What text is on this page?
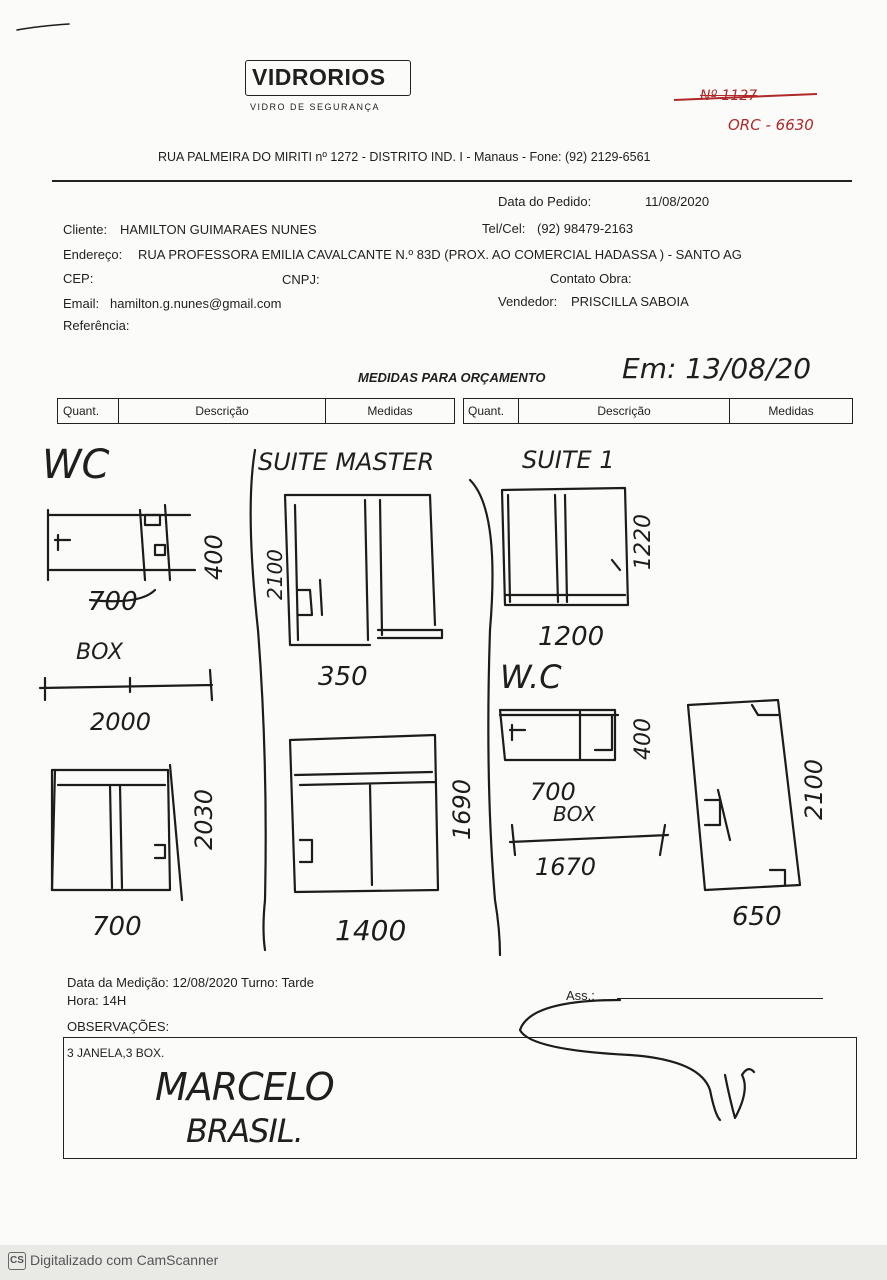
VIDRORIOS
VIDRO DE SEGURANÇA
RUA PALMEIRA DO MIRITI nº 1272 - DISTRITO IND. I - Manaus - Fone: (92) 2129-6561
Nº 1127
ORC - 6630
Data do Pedido:	11/08/2020
Cliente: HAMILTON GUIMARAES NUNES	Tel/Cel: (92) 98479-2163
Endereço: RUA PROFESSORA EMILIA CAVALCANTE N.º 83D (PROX. AO COMERCIAL HADASSA ) - SANTO AG
CEP:	CNPJ:	Contato Obra:
Email: hamilton.g.nunes@gmail.com	Vendedor: PRISCILLA SABOIA
Referência:
MEDIDAS PARA ORÇAMENTO	Em: 13/08/20
Quant.	Descrição	Medidas	Quant.	Descrição	Medidas
700
400
2000
2030
700
2100
350
1690
1400
1220
1200
400
700
1670
2100
650
WC	SUITE MASTER	SUITE 1
W.C
BOX
BOX
Data da Medição: 12/08/2020 Turno: Tarde
Hora: 14H	Ass.:
OBSERVAÇÕES:
3 JANELA,3 BOX.
MARCELO
BRASIL.
CS Digitalizado com CamScanner
